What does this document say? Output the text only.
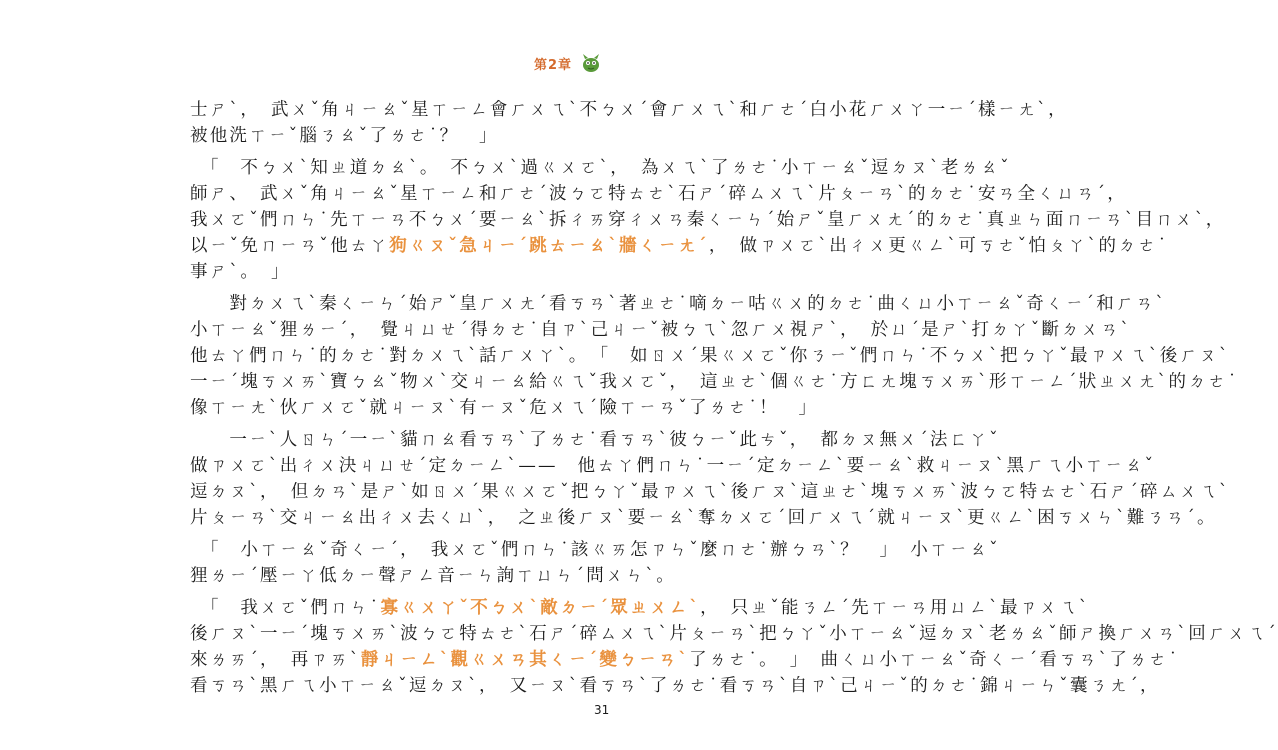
第2章
士ㄕˋ，　武ㄨˇ角ㄐㄧㄠˇ星ㄒㄧㄥ會ㄏㄨㄟˋ不ㄅㄨˊ會ㄏㄨㄟˋ和ㄏㄜˊ白小花ㄏㄨㄚ一ㄧˊ樣ㄧㄤˋ，
被他洗ㄒㄧˇ腦ㄋㄠˇ了ㄌㄜ˙？　」
　「　不ㄅㄨˋ知ㄓ道ㄉㄠˋ。　不ㄅㄨˋ過ㄍㄨㄛˋ，　為ㄨㄟˋ了ㄌㄜ˙小ㄒㄧㄠˇ逗ㄉㄡˋ老ㄌㄠˇ
師ㄕ、　武ㄨˇ角ㄐㄧㄠˇ星ㄒㄧㄥ和ㄏㄜˊ波ㄅㄛ特ㄊㄜˋ石ㄕˊ碎ㄙㄨㄟˋ片ㄆㄧㄢˋ的ㄉㄜ˙安ㄢ全ㄑㄩㄢˊ，
我ㄨㄛˇ們ㄇㄣ˙先ㄒㄧㄢ不ㄅㄨˊ要ㄧㄠˋ拆ㄔㄞ穿ㄔㄨㄢ秦ㄑㄧㄣˊ始ㄕˇ皇ㄏㄨㄤˊ的ㄉㄜ˙真ㄓㄣ面ㄇㄧㄢˋ目ㄇㄨˋ，
以ㄧˇ免ㄇㄧㄢˇ他ㄊㄚ狗ㄍㄡˇ急ㄐㄧˊ跳ㄊㄧㄠˋ牆ㄑㄧㄤˊ，　做ㄗㄨㄛˋ出ㄔㄨ更ㄍㄥˋ可ㄎㄜˇ怕ㄆㄚˋ的ㄉㄜ˙
事ㄕˋ。　」
　　對ㄉㄨㄟˋ秦ㄑㄧㄣˊ始ㄕˇ皇ㄏㄨㄤˊ看ㄎㄢˋ著ㄓㄜ˙嘀ㄉㄧ咕ㄍㄨ的ㄉㄜ˙曲ㄑㄩ小ㄒㄧㄠˇ奇ㄑㄧˊ和ㄏㄢˋ
小ㄒㄧㄠˇ狸ㄌㄧˊ，　覺ㄐㄩㄝˊ得ㄉㄜ˙自ㄗˋ己ㄐㄧˇ被ㄅㄟˋ忽ㄏㄨ視ㄕˋ，　於ㄩˊ是ㄕˋ打ㄉㄚˇ斷ㄉㄨㄢˋ
他ㄊㄚ們ㄇㄣ˙的ㄉㄜ˙對ㄉㄨㄟˋ話ㄏㄨㄚˋ。　「　如ㄖㄨˊ果ㄍㄨㄛˇ你ㄋㄧˇ們ㄇㄣ˙不ㄅㄨˋ把ㄅㄚˇ最ㄗㄨㄟˋ後ㄏㄡˋ
一ㄧˊ塊ㄎㄨㄞˋ寶ㄅㄠˇ物ㄨˋ交ㄐㄧㄠ給ㄍㄟˇ我ㄨㄛˇ，　這ㄓㄜˋ個ㄍㄜ˙方ㄈㄤ塊ㄎㄨㄞˋ形ㄒㄧㄥˊ狀ㄓㄨㄤˋ的ㄉㄜ˙
像ㄒㄧㄤˋ伙ㄏㄨㄛˇ就ㄐㄧㄡˋ有ㄧㄡˇ危ㄨㄟˊ險ㄒㄧㄢˇ了ㄌㄜ˙！　」
　　一ㄧˋ人ㄖㄣˊ一ㄧˋ貓ㄇㄠ看ㄎㄢˋ了ㄌㄜ˙看ㄎㄢˋ彼ㄅㄧˇ此ㄘˇ，　都ㄉㄡ無ㄨˊ法ㄈㄚˇ
做ㄗㄨㄛˋ出ㄔㄨ決ㄐㄩㄝˊ定ㄉㄧㄥˋ——　他ㄊㄚ們ㄇㄣ˙一ㄧˊ定ㄉㄧㄥˋ要ㄧㄠˋ救ㄐㄧㄡˋ黑ㄏㄟ小ㄒㄧㄠˇ
逗ㄉㄡˋ，　但ㄉㄢˋ是ㄕˋ如ㄖㄨˊ果ㄍㄨㄛˇ把ㄅㄚˇ最ㄗㄨㄟˋ後ㄏㄡˋ這ㄓㄜˋ塊ㄎㄨㄞˋ波ㄅㄛ特ㄊㄜˋ石ㄕˊ碎ㄙㄨㄟˋ
片ㄆㄧㄢˋ交ㄐㄧㄠ出ㄔㄨ去ㄑㄩˋ，　之ㄓ後ㄏㄡˋ要ㄧㄠˋ奪ㄉㄨㄛˊ回ㄏㄨㄟˊ就ㄐㄧㄡˋ更ㄍㄥˋ困ㄎㄨㄣˋ難ㄋㄢˊ。
　「　小ㄒㄧㄠˇ奇ㄑㄧˊ，　我ㄨㄛˇ們ㄇㄣ˙該ㄍㄞ怎ㄗㄣˇ麼ㄇㄜ˙辦ㄅㄢˋ？　」　小ㄒㄧㄠˇ
狸ㄌㄧˊ壓ㄧㄚ低ㄉㄧ聲ㄕㄥ音ㄧㄣ詢ㄒㄩㄣˊ問ㄨㄣˋ。
　「　我ㄨㄛˇ們ㄇㄣ˙寡ㄍㄨㄚˇ不ㄅㄨˋ敵ㄉㄧˊ眾ㄓㄨㄥˋ，　只ㄓˇ能ㄋㄥˊ先ㄒㄧㄢ用ㄩㄥˋ最ㄗㄨㄟˋ
後ㄏㄡˋ一ㄧˊ塊ㄎㄨㄞˋ波ㄅㄛ特ㄊㄜˋ石ㄕˊ碎ㄙㄨㄟˋ片ㄆㄧㄢˋ把ㄅㄚˇ小ㄒㄧㄠˇ逗ㄉㄡˋ老ㄌㄠˇ師ㄕ換ㄏㄨㄢˋ回ㄏㄨㄟˊ
來ㄌㄞˊ，　再ㄗㄞˋ靜ㄐㄧㄥˋ觀ㄍㄨㄢ其ㄑㄧˊ變ㄅㄧㄢˋ了ㄌㄜ˙。　」　曲ㄑㄩ小ㄒㄧㄠˇ奇ㄑㄧˊ看ㄎㄢˋ了ㄌㄜ˙
看ㄎㄢˋ黑ㄏㄟ小ㄒㄧㄠˇ逗ㄉㄡˋ，　又ㄧㄡˋ看ㄎㄢˋ了ㄌㄜ˙看ㄎㄢˋ自ㄗˋ己ㄐㄧˇ的ㄉㄜ˙錦ㄐㄧㄣˇ囊ㄋㄤˊ，
31
